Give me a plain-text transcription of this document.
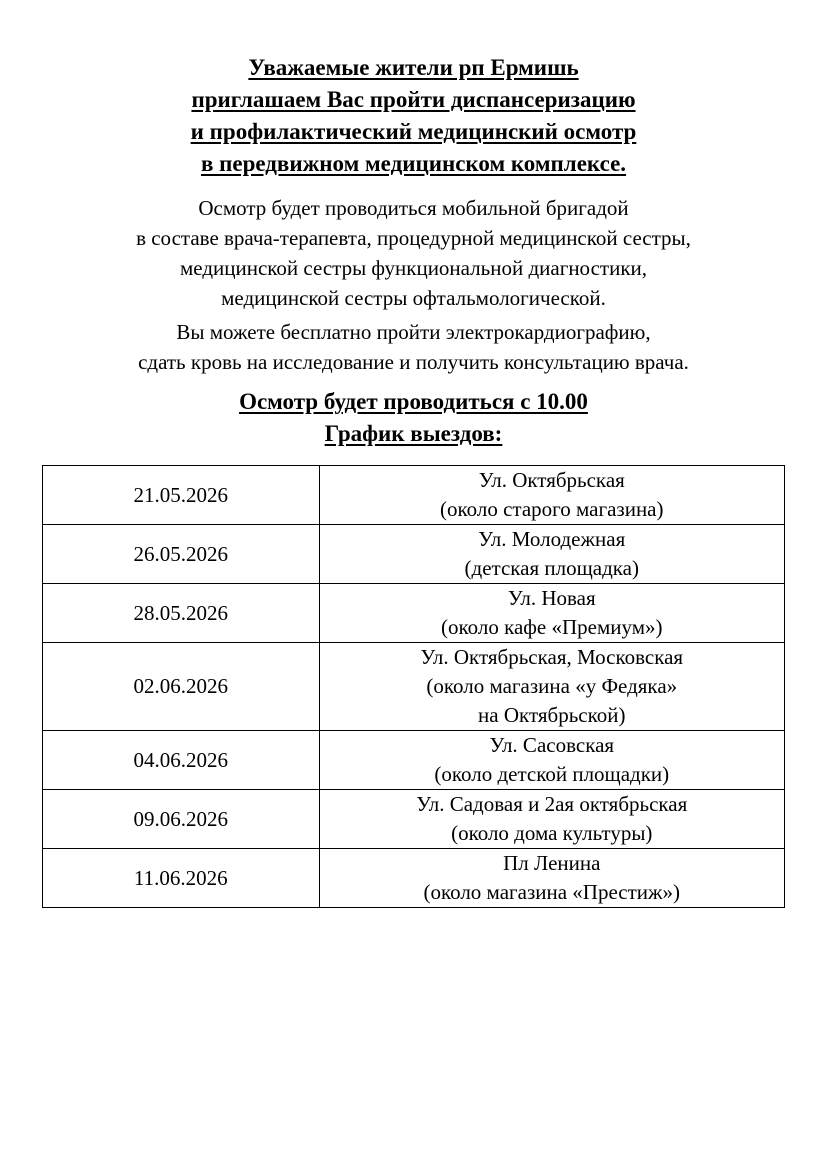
Уважаемые жители рп Ермишь
приглашаем Вас пройти диспансеризацию
и профилактический медицинский осмотр
в передвижном медицинском комплексе.
Осмотр будет проводиться мобильной бригадой
в составе врача-терапевта, процедурной медицинской сестры,
медицинской сестры функциональной диагностики,
медицинской сестры офтальмологической.
Вы можете бесплатно пройти электрокардиографию,
сдать кровь на исследование и получить консультацию врача.
Осмотр будет проводиться с 10.00
График выездов:
21.05.2026	Ул. Октябрьская
(около старого магазина)

26.05.2026	Ул. Молодежная
(детская площадка)

28.05.2026	Ул. Новая
(около кафе «Премиум»)

02.06.2026	Ул. Октябрьская, Московская
(около магазина «у Федяка»
на Октябрьской)

04.06.2026	Ул. Сасовская
(около детской площадки)

09.06.2026	Ул. Садовая и 2ая октябрьская
(около дома культуры)

11.06.2026	Пл Ленина
(около магазина «Престиж»)
